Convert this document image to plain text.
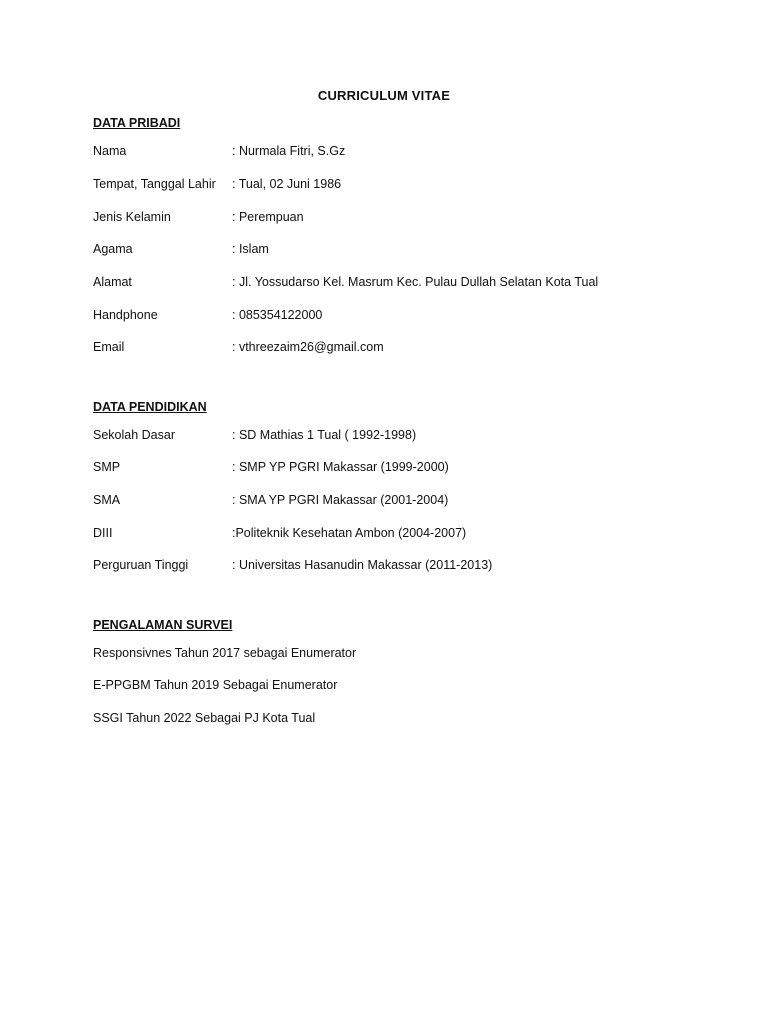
CURRICULUM VITAE
DATA PRIBADI
Nama	: Nurmala Fitri, S.Gz
Tempat, Tanggal Lahir : Tual, 02 Juni 1986
Jenis Kelamin	: Perempuan
Agama	: Islam
Alamat	: Jl. Yossudarso Kel. Masrum Kec. Pulau Dullah Selatan Kota Tual
Handphone	: 085354122000
Email	: vthreezaim26@gmail.com
DATA PENDIDIKAN
Sekolah Dasar	: SD Mathias 1 Tual ( 1992-1998)
SMP	: SMP YP PGRI Makassar (1999-2000)
SMA	: SMA YP PGRI Makassar (2001-2004)
DIII	:Politeknik Kesehatan Ambon (2004-2007)
Perguruan Tinggi	: Universitas Hasanudin Makassar (2011-2013)
PENGALAMAN SURVEI
Responsivnes Tahun 2017 sebagai Enumerator
E-PPGBM Tahun 2019 Sebagai Enumerator
SSGI Tahun 2022 Sebagai PJ Kota Tual
